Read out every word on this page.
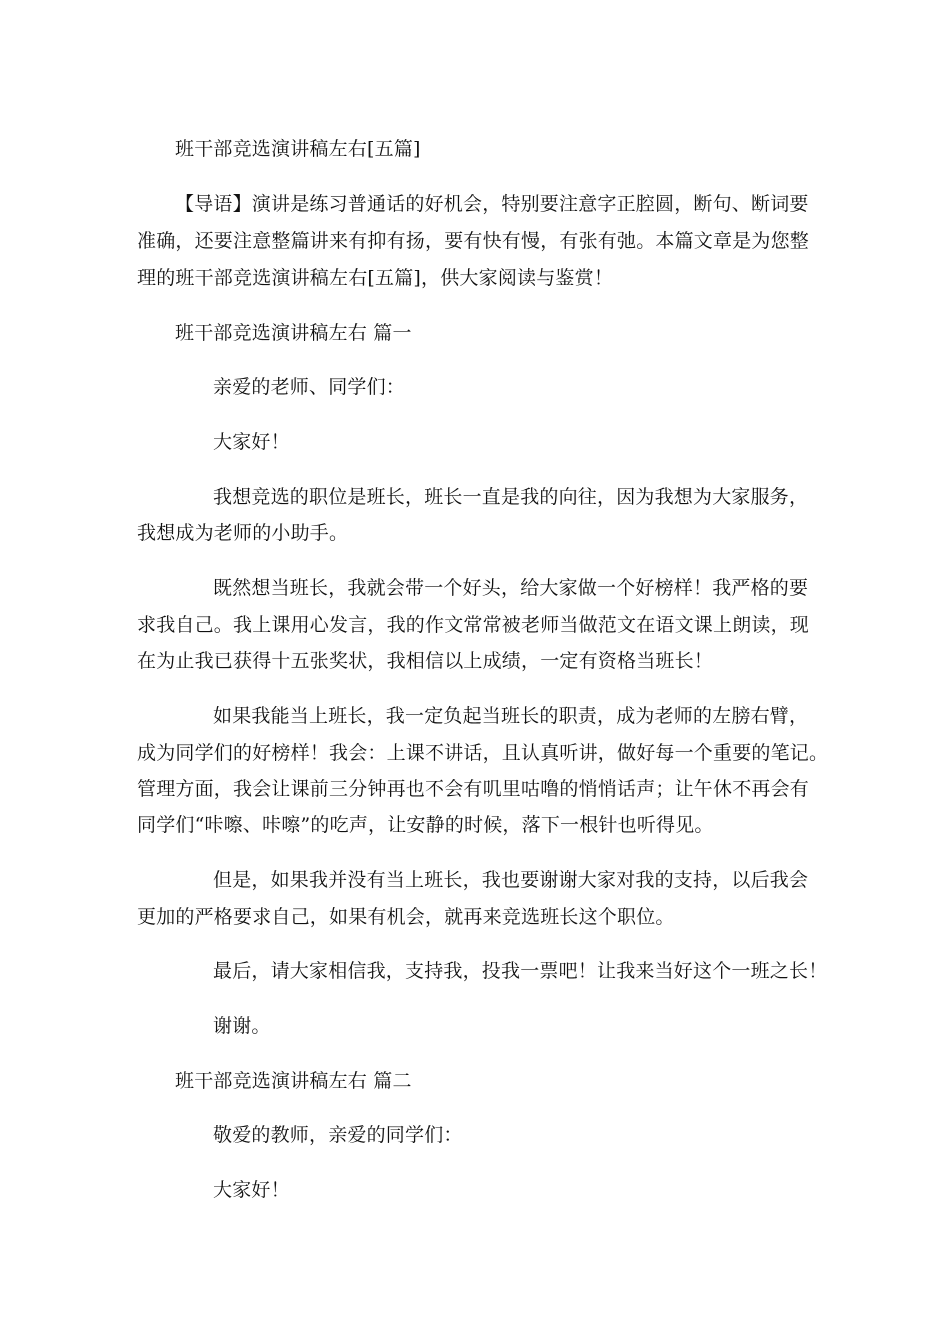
班干部竞选演讲稿左右[五篇]
【导语】演讲是练习普通话的好机会，特别要注意字正腔圆，断句、断词要
准确，还要注意整篇讲来有抑有扬，要有快有慢，有张有弛。本篇文章是为您整
理的班干部竞选演讲稿左右[五篇]，供大家阅读与鉴赏！
班干部竞选演讲稿左右 篇一
亲爱的老师、同学们：
大家好！
我想竞选的职位是班长，班长一直是我的向往，因为我想为大家服务，
我想成为老师的小助手。
既然想当班长，我就会带一个好头，给大家做一个好榜样！我严格的要
求我自己。我上课用心发言，我的作文常常被老师当做范文在语文课上朗读，现
在为止我已获得十五张奖状，我相信以上成绩，一定有资格当班长！
如果我能当上班长，我一定负起当班长的职责，成为老师的左膀右臂，
成为同学们的好榜样！我会：上课不讲话，且认真听讲，做好每一个重要的笔记。
管理方面，我会让课前三分钟再也不会有叽里咕噜的悄悄话声；让午休不再会有
同学们“咔嚓、咔嚓”的吃声，让安静的时候，落下一根针也听得见。
但是，如果我并没有当上班长，我也要谢谢大家对我的支持，以后我会
更加的严格要求自己，如果有机会，就再来竞选班长这个职位。
最后，请大家相信我，支持我，投我一票吧！让我来当好这个一班之长！
谢谢。
班干部竞选演讲稿左右 篇二
敬爱的教师，亲爱的同学们：
大家好！
